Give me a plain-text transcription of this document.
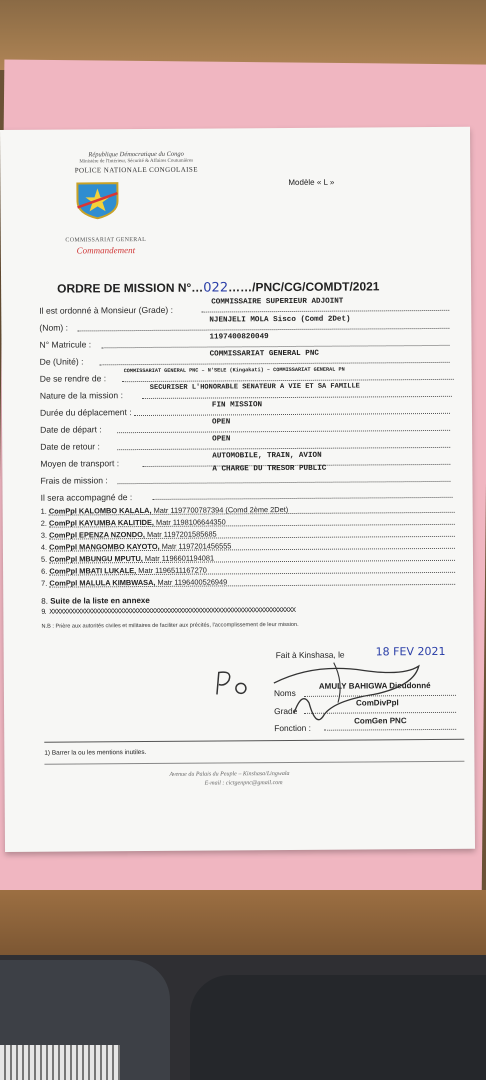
République Démocratique du Congo
Ministère de l'Intérieur, Sécurité & Affaires Coutumières
POLICE NATIONALE CONGOLAISE
COMMISSARIAT GENERAL
Commandement
Modèle « L »
ORDRE DE MISSION N°…022……/PNC/CG/COMDT/2021
Il est ordonné à Monsieur (Grade) :
COMMISSAIRE SUPERIEUR ADJOINT
(Nom) :
NJENJELI MOLA Sisco (Comd 2Det)
N° Matricule :
1197400820049
De (Unité) :
COMMISSARIAT GENERAL PNC
De se rendre de :
COMMISSARIAT GENERAL PNC – N'SELE (Kingakati) – COMMISSARIAT GENERAL PN
Nature de la mission :
SECURISER L'HONORABLE SENATEUR A VIE ET SA FAMILLE
Durée du déplacement :
FIN MISSION
Date de départ :
OPEN
Date de retour :
OPEN
Moyen de transport :
AUTOMOBILE, TRAIN, AVION
Frais de mission :
A CHARGE DU TRESOR PUBLIC
Il sera accompagné de :
1. ComPpl KALOMBO KALALA, Matr 1197700787394 (Comd 2ème 2Det)
2. ComPpl KAYUMBA KALITIDE, Matr 1198106644350
3. ComPpl EPENZA NZONDO, Matr 1197201585685
4. ComPpl MANGOMBO KAYOTO, Matr 1197201456555
5. ComPpl MBUNGU MPUTU, Matr 1196601194081
6. ComPpl MBATI LUKALE, Matr 1196511167270
7. ComPpl MALULA KIMBWASA, Matr 1196400526949
8. Suite de la liste en annexe
9. XXXXXXXXXXXXXXXXXXXXXXXXXXXXXXXXXXXXXXXXXXXXXXXXXXXXXXXXXXXXXXXXXXXXXX
N.B : Prière aux autorités civiles et militaires de faciliter aux précités, l'accomplissement de leur mission.
Fait à Kinshasa, le	18 FEV 2021
Noms
AMULY BAHIGWA Dieudonné
Grade
ComDivPpl
Fonction :
ComGen PNC
1) Barrer la ou les mentions inutiles.
Avenue du Palais du Peuple – Kinshasa/Lingwala
E-mail : cictgenpnc@gmail.com
